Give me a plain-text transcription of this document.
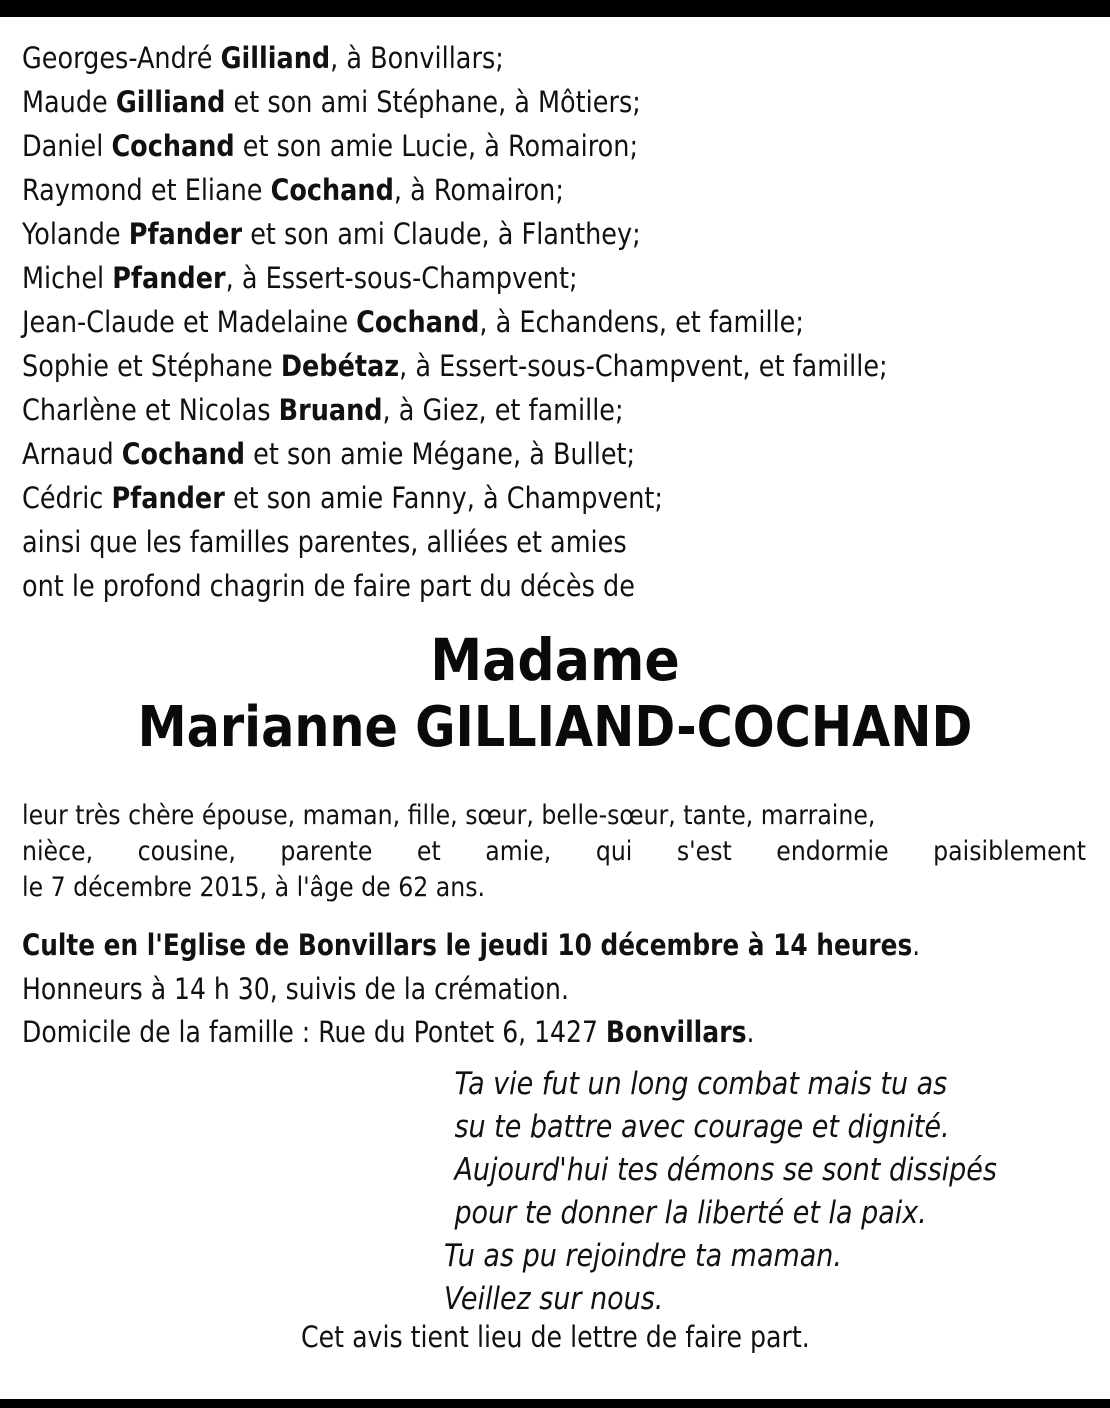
Georges-André Gilliand, à Bonvillars;
Maude Gilliand et son ami Stéphane, à Môtiers;
Daniel Cochand et son amie Lucie, à Romairon;
Raymond et Eliane Cochand, à Romairon;
Yolande Pfander et son ami Claude, à Flanthey;
Michel Pfander, à Essert-sous-Champvent;
Jean-Claude et Madelaine Cochand, à Echandens, et famille;
Sophie et Stéphane Debétaz, à Essert-sous-Champvent, et famille;
Charlène et Nicolas Bruand, à Giez, et famille;
Arnaud Cochand et son amie Mégane, à Bullet;
Cédric Pfander et son amie Fanny, à Champvent;
ainsi que les familles parentes, alliées et amies
ont le profond chagrin de faire part du décès de
Madame
Marianne GILLIAND-COCHAND
leur très chère épouse, maman, fille, sœur, belle-sœur, tante, marraine,
nièce, cousine, parente et amie, qui s'est endormie paisiblement
le 7 décembre 2015, à l'âge de 62 ans.
Culte en l'Eglise de Bonvillars le jeudi 10 décembre à 14 heures.
Honneurs à 14 h 30, suivis de la crémation.
Domicile de la famille : Rue du Pontet 6, 1427 Bonvillars.
Ta vie fut un long combat mais tu as
su te battre avec courage et dignité.
Aujourd'hui tes démons se sont dissipés
pour te donner la liberté et la paix.
Tu as pu rejoindre ta maman.
Veillez sur nous.
Cet avis tient lieu de lettre de faire part.
